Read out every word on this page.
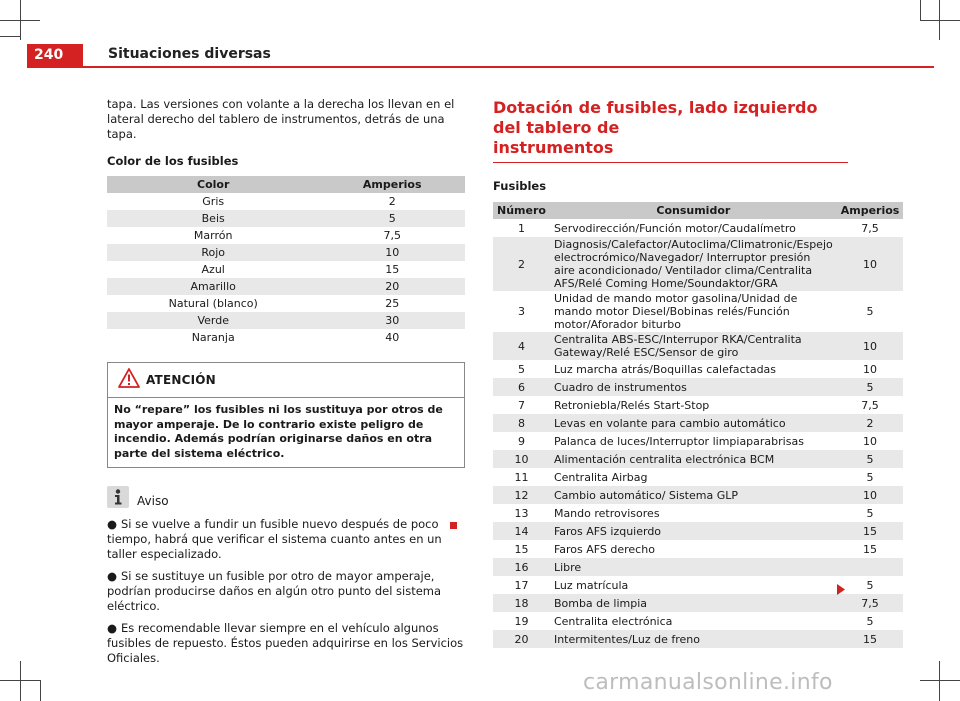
240	Situaciones diversas

tapa. Las versiones con volante a la derecha los llevan en el lateral derecho del tablero de instrumentos, detrás de una tapa.

Color de los fusibles
Color	Amperios
Gris	2
Beis	5
Marrón	7,5
Rojo	10
Azul	15
Amarillo	20
Natural (blanco)	25
Verde	30
Naranja	40
ATENCIÓN
No “repare” los fusibles ni los sustituya por otros de mayor amperaje. De lo contrario existe peligro de incendio. Además podrían originarse daños en otra parte del sistema eléctrico.
Aviso

● Si se vuelve a fundir un fusible nuevo después de poco tiempo, habrá que verificar el sistema cuanto antes en un taller especializado.

● Si se sustituye un fusible por otro de mayor amperaje, podrían producirse daños en algún otro punto del sistema eléctrico.

● Es recomendable llevar siempre en el vehículo algunos fusibles de repuesto. Éstos pueden adquirirse en los Servicios Oficiales.

Dotación de fusibles, lado izquierdo del tablero de
instrumentos
Fusibles
Número	Consumidor	Amperios
1	Servodirección/Función motor/Caudalímetro	7,5
2	Diagnosis/Calefactor/Autoclima/Climatronic/Espejo electrocrómico/Navegador/ Interruptor presión aire acondicionado/ Ventilador clima/Centralita AFS/Relé Coming Home/Soundaktor/GRA	10
3	Unidad de mando motor gasolina/Unidad de mando motor Diesel/Bobinas relés/Función motor/Aforador biturbo	5
4	Centralita ABS-ESC/Interrupor RKA/Centralita Gateway/Relé ESC/Sensor de giro	10
5	Luz marcha atrás/Boquillas calefactadas	10
6	Cuadro de instrumentos	5
7	Retroniebla/Relés Start-Stop	7,5
8	Levas en volante para cambio automático	2
9	Palanca de luces/Interruptor limpiaparabrisas	10
10	Alimentación centralita electrónica BCM	5
11	Centralita Airbag	5
12	Cambio automático/ Sistema GLP	10
13	Mando retrovisores	5
14	Faros AFS izquierdo	15
15	Faros AFS derecho	15
16	Libre	
17	Luz matrícula	5
18	Bomba de limpia	7,5
19	Centralita electrónica	5
20	Intermitentes/Luz de freno	15
carmanualsonline.info
